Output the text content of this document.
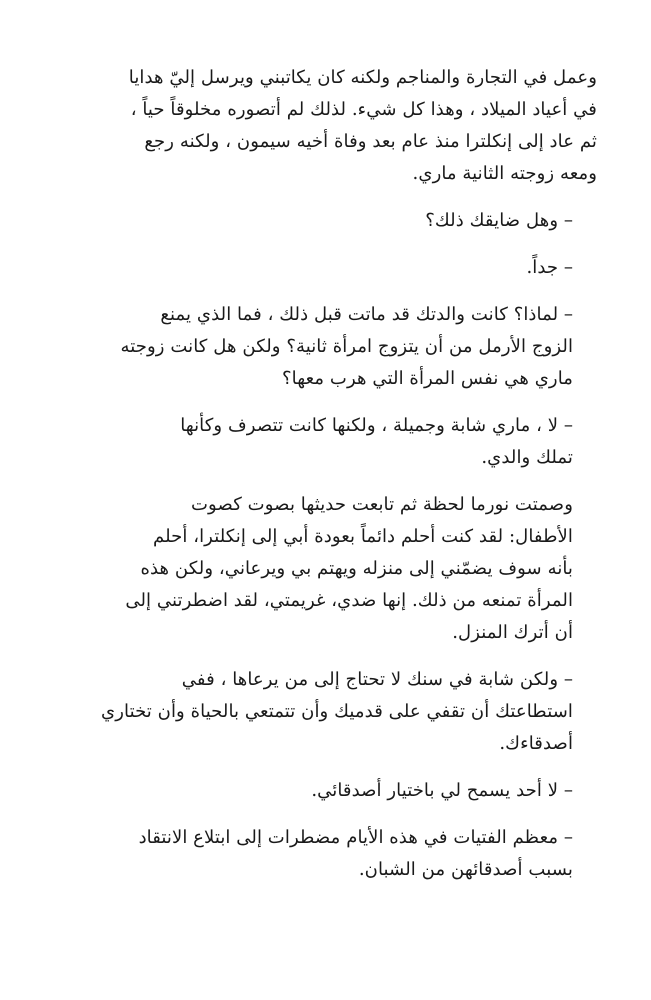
وعمل في التجارة والمناجم ولكنه كان يكاتبني ويرسل إليّ هدايا
في أعياد الميلاد ، وهذا كل شيء. لذلك لم أتصوره مخلوقاً حياً ،
ثم عاد إلى إنكلترا منذ عام بعد وفاة أخيه سيمون ، ولكنه رجع
ومعه زوجته الثانية ماري.

– وهل ضايقك ذلك؟

– جداً.

– لماذا؟ كانت والدتك قد ماتت قبل ذلك ، فما الذي يمنع
الزوج الأرمل من أن يتزوج امرأة ثانية؟ ولكن هل كانت زوجته
ماري هي نفس المرأة التي هرب معها؟

– لا ، ماري شابة وجميلة ، ولكنها كانت تتصرف وكأنها
تملك والدي.

وصمتت نورما لحظة ثم تابعت حديثها بصوت كصوت
الأطفال: لقد كنت أحلم دائماً بعودة أبي إلى إنكلترا، أحلم
بأنه سوف يضمّني إلى منزله ويهتم بي ويرعاني، ولكن هذه
المرأة تمنعه من ذلك. إنها ضدي، غريمتي، لقد اضطرتني إلى
أن أترك المنزل.

– ولكن شابة في سنك لا تحتاج إلى من يرعاها ، ففي
استطاعتك أن تقفي على قدميك وأن تتمتعي بالحياة وأن تختاري
أصدقاءك.

– لا أحد يسمح لي باختيار أصدقائي.

– معظم الفتيات في هذه الأيام مضطرات إلى ابتلاع الانتقاد
بسبب أصدقائهن من الشبان.
